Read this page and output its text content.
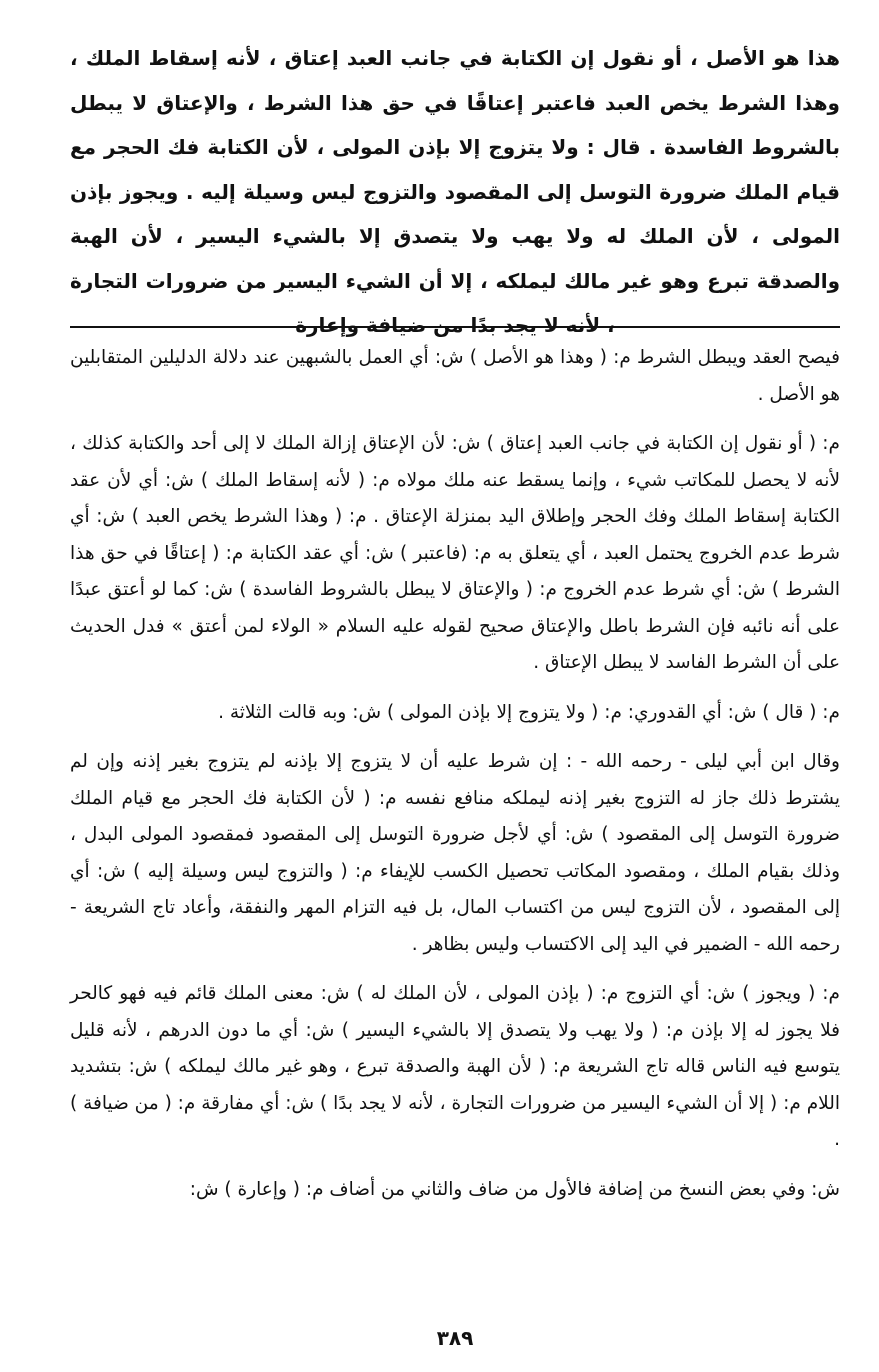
هذا هو الأصل ، أو نقول إن الكتابة في جانب العبد إعتاق ، لأنه إسقاط الملك ، وهذا الشرط يخص العبد فاعتبر إعتاقًا في حق هذا الشرط ، والإعتاق لا يبطل بالشروط الفاسدة . قال : ولا يتزوج إلا بإذن المولى ، لأن الكتابة فك الحجر مع قيام الملك ضرورة التوسل إلى المقصود والتزوج ليس وسيلة إليه . ويجوز بإذن المولى ، لأن الملك له ولا يهب ولا يتصدق إلا بالشيء اليسير ، لأن الهبة والصدقة تبرع وهو غير مالك ليملكه ، إلا أن الشيء اليسير من ضرورات التجارة ، لأنه لا يجد بدًا من ضيافة وإعارة

فيصح العقد ويبطل الشرط م: ( وهذا هو الأصل ) ش: أي العمل بالشبهين عند دلالة الدليلين المتقابلين هو الأصل .

م: ( أو نقول إن الكتابة في جانب العبد إعتاق ) ش: لأن الإعتاق إزالة الملك لا إلى أحد والكتابة كذلك ، لأنه لا يحصل للمكاتب شيء ، وإنما يسقط عنه ملك مولاه م: ( لأنه إسقاط الملك ) ش: أي لأن عقد الكتابة إسقاط الملك وفك الحجر وإطلاق اليد بمنزلة الإعتاق . م: ( وهذا الشرط يخص العبد ) ش: أي شرط عدم الخروج يحتمل العبد ، أي يتعلق به م: (فاعتبر ) ش: أي عقد الكتابة م: ( إعتاقًا في حق هذا الشرط ) ش: أي شرط عدم الخروج م: ( والإعتاق لا يبطل بالشروط الفاسدة ) ش: كما لو أعتق عبدًا على أنه نائبه فإن الشرط باطل والإعتاق صحيح لقوله عليه السلام « الولاء لمن أعتق » فدل الحديث على أن الشرط الفاسد لا يبطل الإعتاق .

م: ( قال ) ش: أي القدوري: م: ( ولا يتزوج إلا بإذن المولى ) ش: وبه قالت الثلاثة .

وقال ابن أبي ليلى - رحمه الله - : إن شرط عليه أن لا يتزوج إلا بإذنه لم يتزوج بغير إذنه وإن لم يشترط ذلك جاز له التزوج بغير إذنه ليملكه منافع نفسه م: ( لأن الكتابة فك الحجر مع قيام الملك ضرورة التوسل إلى المقصود ) ش: أي لأجل ضرورة التوسل إلى المقصود فمقصود المولى البدل ، وذلك بقيام الملك ، ومقصود المكاتب تحصيل الكسب للإيفاء م: ( والتزوج ليس وسيلة إليه ) ش: أي إلى المقصود ، لأن التزوج ليس من اكتساب المال، بل فيه التزام المهر والنفقة، وأعاد تاج الشريعة - رحمه الله - الضمير في اليد إلى الاكتساب وليس بظاهر .

م: ( ويجوز ) ش: أي التزوج م: ( بإذن المولى ، لأن الملك له ) ش: معنى الملك قائم فيه فهو كالحر فلا يجوز له إلا بإذن م: ( ولا يهب ولا يتصدق إلا بالشيء اليسير ) ش: أي ما دون الدرهم ، لأنه قليل يتوسع فيه الناس قاله تاج الشريعة م: ( لأن الهبة والصدقة تبرع ، وهو غير مالك ليملكه ) ش: بتشديد اللام م: ( إلا أن الشيء اليسير من ضرورات التجارة ، لأنه لا يجد بدًا ) ش: أي مفارقة م: ( من ضيافة ) .

ش: وفي بعض النسخ من إضافة فالأول من ضاف والثاني من أضاف م: ( وإعارة ) ش:

٣٨٩
